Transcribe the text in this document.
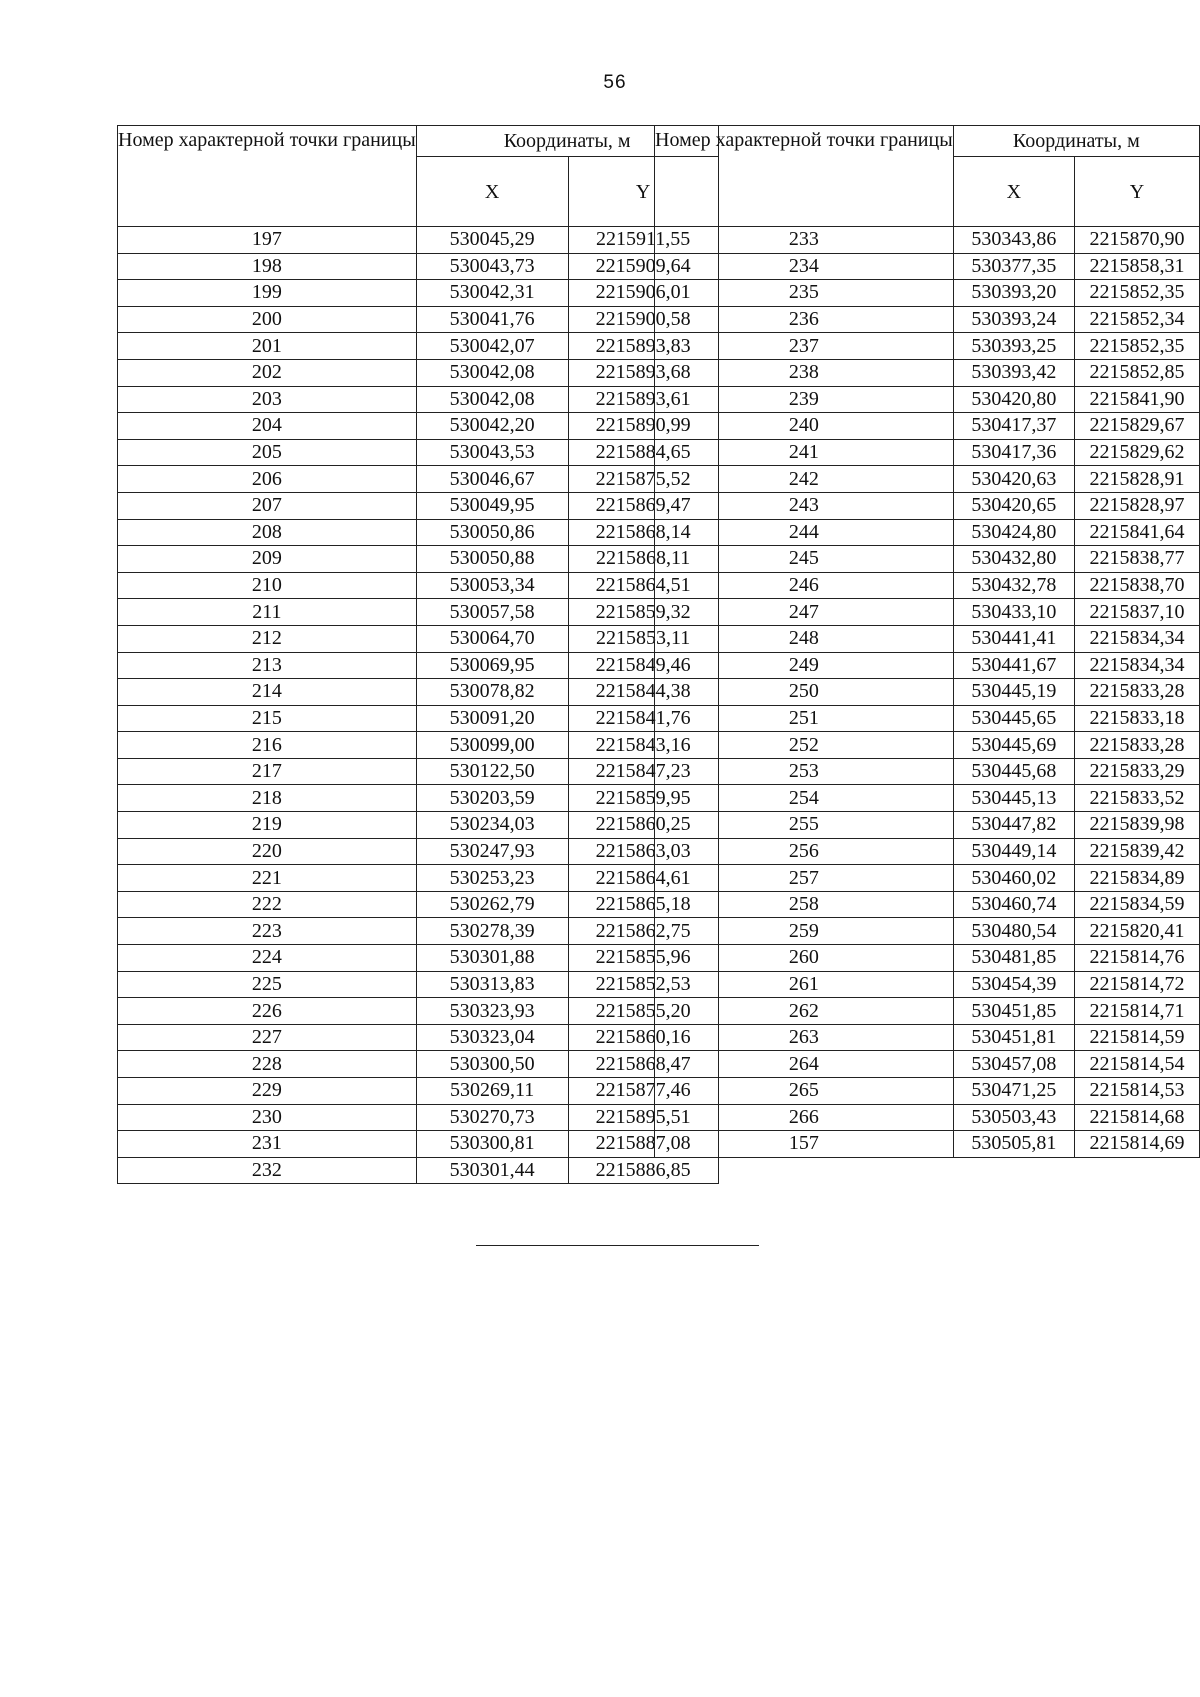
56
Номер характерной точки границы	Координаты, м	
	X	Y
197	530045,29	2215911,55
198	530043,73	2215909,64
199	530042,31	2215906,01
200	530041,76	2215900,58
201	530042,07	2215893,83
202	530042,08	2215893,68
203	530042,08	2215893,61
204	530042,20	2215890,99
205	530043,53	2215884,65
206	530046,67	2215875,52
207	530049,95	2215869,47
208	530050,86	2215868,14
209	530050,88	2215868,11
210	530053,34	2215864,51
211	530057,58	2215859,32
212	530064,70	2215853,11
213	530069,95	2215849,46
214	530078,82	2215844,38
215	530091,20	2215841,76
216	530099,00	2215843,16
217	530122,50	2215847,23
218	530203,59	2215859,95
219	530234,03	2215860,25
220	530247,93	2215863,03
221	530253,23	2215864,61
222	530262,79	2215865,18
223	530278,39	2215862,75
224	530301,88	2215855,96
225	530313,83	2215852,53
226	530323,93	2215855,20
227	530323,04	2215860,16
228	530300,50	2215868,47
229	530269,11	2215877,46
230	530270,73	2215895,51
231	530300,81	2215887,08
232	530301,44	2215886,85
Номер характерной точки границы	Координаты, м	
	X	Y
233	530343,86	2215870,90
234	530377,35	2215858,31
235	530393,20	2215852,35
236	530393,24	2215852,34
237	530393,25	2215852,35
238	530393,42	2215852,85
239	530420,80	2215841,90
240	530417,37	2215829,67
241	530417,36	2215829,62
242	530420,63	2215828,91
243	530420,65	2215828,97
244	530424,80	2215841,64
245	530432,80	2215838,77
246	530432,78	2215838,70
247	530433,10	2215837,10
248	530441,41	2215834,34
249	530441,67	2215834,34
250	530445,19	2215833,28
251	530445,65	2215833,18
252	530445,69	2215833,28
253	530445,68	2215833,29
254	530445,13	2215833,52
255	530447,82	2215839,98
256	530449,14	2215839,42
257	530460,02	2215834,89
258	530460,74	2215834,59
259	530480,54	2215820,41
260	530481,85	2215814,76
261	530454,39	2215814,72
262	530451,85	2215814,71
263	530451,81	2215814,59
264	530457,08	2215814,54
265	530471,25	2215814,53
266	530503,43	2215814,68
157	530505,81	2215814,69
